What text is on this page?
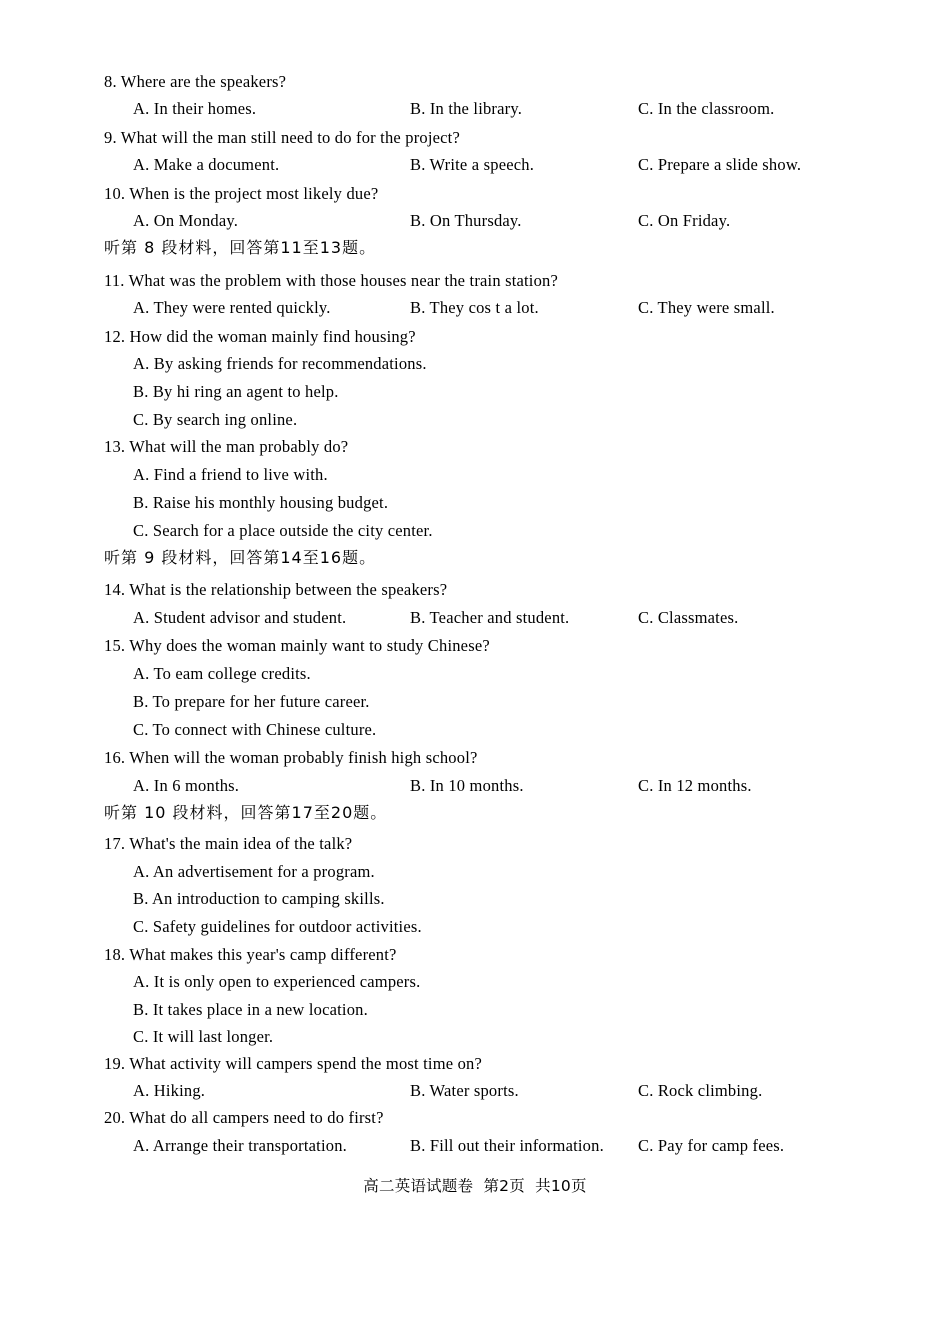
8. Where are the speakers?
A. In their homes.	B. In the library.	C. In the classroom.
9. What will the man still need to do for the project?
A. Make a document.	B. Write a speech.	C. Prepare a slide show.
10. When is the project most likely due?
A. On Monday.	B. On Thursday.	C. On Friday.
听第 8 段材料，回答第11至13题。
11. What was the problem with those houses near the train station?
A. They were rented quickly.	B. They cos t a lot.	C. They were small.
12. How did the woman mainly find housing?
A. By asking friends for recommendations.
B. By hi ring an agent to help.
C. By search ing online.
13. What will the man probably do?
A. Find a friend to live with.
B. Raise his monthly housing budget.
C. Search for a place outside the city center.
听第 9 段材料，回答第14至16题。
14. What is the relationship between the speakers?
A. Student advisor and student.	B. Teacher and student.	C. Classmates.
15. Why does the woman mainly want to study Chinese?
A. To eam college credits.
B. To prepare for her future career.
C. To connect with Chinese culture.
16. When will the woman probably finish high school?
A. In 6 months.	B. In 10 months.	C. In 12 months.
听第 10 段材料，回答第17至20题。
17. What's the main idea of the talk?
A. An advertisement for a program.
B. An introduction to camping skills.
C. Safety guidelines for outdoor activities.
18. What makes this year's camp different?
A. It is only open to experienced campers.
B. It takes place in a new location.
C. It will last longer.
19. What activity will campers spend the most time on?
A. Hiking.	B. Water sports.	C. Rock climbing.
20. What do all campers need to do first?
A. Arrange their transportation.	B. Fill out their information. C. Pay for camp fees.
高二英语试题卷  第2页  共10页
